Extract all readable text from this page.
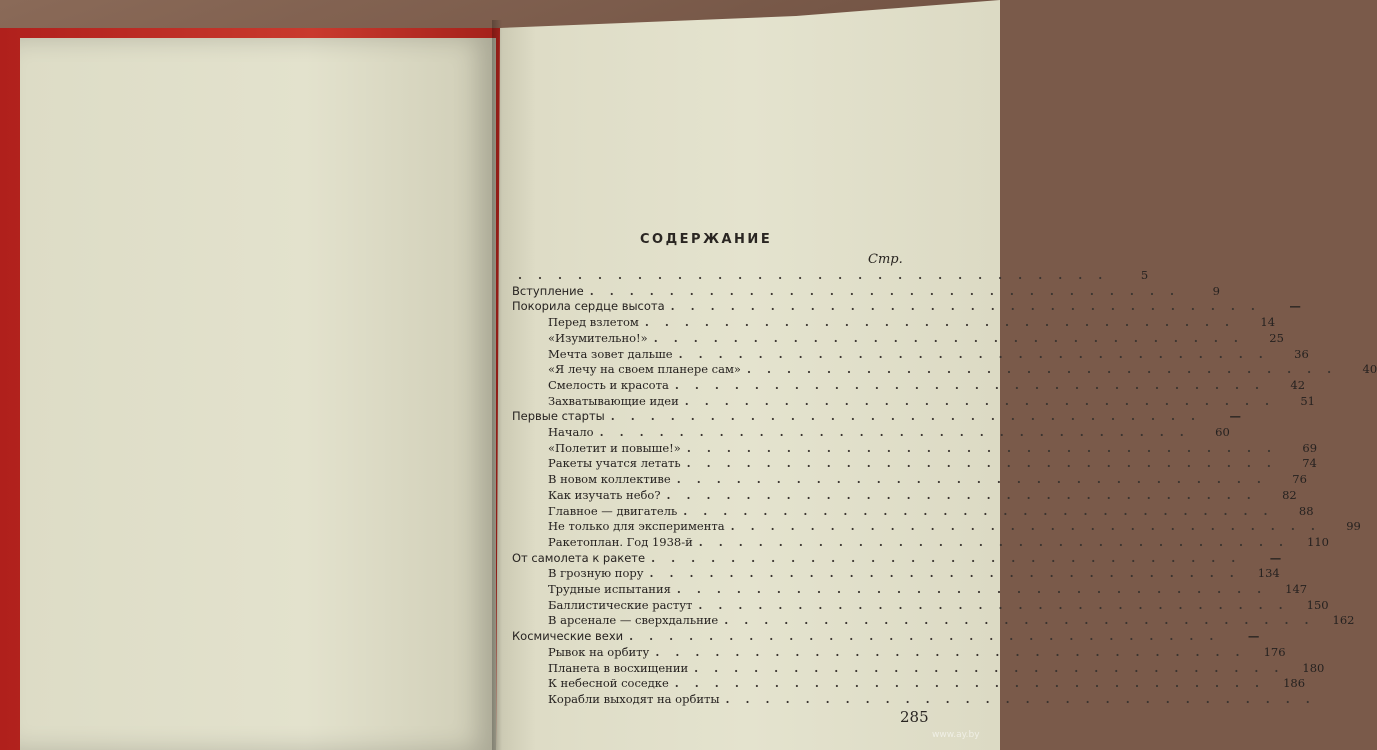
СОДЕРЖАНИЕ
Стр.
. . . . . . . . . . . . . . . . . . . . . . . . . . . . . .	5
Вступление . . . . . . . . . . . . . . . . . . . . . . . . . . . . . .	9
Покорила сердце высота . . . . . . . . . . . . . . . . . . . . . . . . . . . . . .	—
Перед взлетом . . . . . . . . . . . . . . . . . . . . . . . . . . . . . .	14
«Изумительно!» . . . . . . . . . . . . . . . . . . . . . . . . . . . . . .	25
Мечта зовет дальше . . . . . . . . . . . . . . . . . . . . . . . . . . . . . .	36
«Я лечу на своем планере сам» . . . . . . . . . . . . . . . . . . . . . . . . . . . . . .	40
Смелость и красота . . . . . . . . . . . . . . . . . . . . . . . . . . . . . .	42
Захватывающие идеи . . . . . . . . . . . . . . . . . . . . . . . . . . . . . .	51
Первые старты . . . . . . . . . . . . . . . . . . . . . . . . . . . . . .	—
Начало . . . . . . . . . . . . . . . . . . . . . . . . . . . . . .	60
«Полетит и повыше!» . . . . . . . . . . . . . . . . . . . . . . . . . . . . . .	69
Ракеты учатся летать . . . . . . . . . . . . . . . . . . . . . . . . . . . . . .	74
В новом коллективе . . . . . . . . . . . . . . . . . . . . . . . . . . . . . .	76
Как изучать небо? . . . . . . . . . . . . . . . . . . . . . . . . . . . . . .	82
Главное — двигатель . . . . . . . . . . . . . . . . . . . . . . . . . . . . . .	88
Не только для эксперимента . . . . . . . . . . . . . . . . . . . . . . . . . . . . . .	99
Ракетоплан. Год 1938-й . . . . . . . . . . . . . . . . . . . . . . . . . . . . . .	110
От самолета к ракете . . . . . . . . . . . . . . . . . . . . . . . . . . . . . .	—
В грозную пору . . . . . . . . . . . . . . . . . . . . . . . . . . . . . .	134
Трудные испытания . . . . . . . . . . . . . . . . . . . . . . . . . . . . . .	147
Баллистические растут . . . . . . . . . . . . . . . . . . . . . . . . . . . . . .	150
В арсенале — сверхдальние . . . . . . . . . . . . . . . . . . . . . . . . . . . . . .	162
Космические вехи . . . . . . . . . . . . . . . . . . . . . . . . . . . . . .	—
Рывок на орбиту . . . . . . . . . . . . . . . . . . . . . . . . . . . . . .	176
Планета в восхищении . . . . . . . . . . . . . . . . . . . . . . . . . . . . . .	180
К небесной соседке . . . . . . . . . . . . . . . . . . . . . . . . . . . . . .	186
Корабли выходят на орбиты . . . . . . . . . . . . . . . . . . . . . . . . . . . . . .
285
www.ay.by
